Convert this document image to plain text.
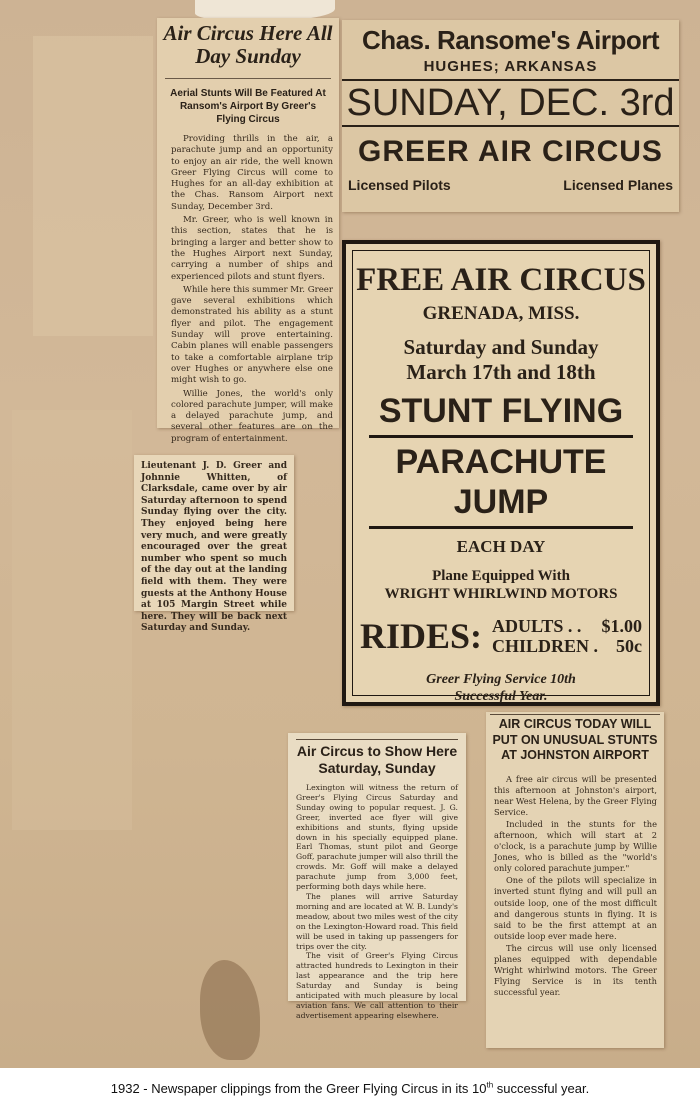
Air Circus Here All Day Sunday
Aerial Stunts Will Be Featured At Ransom's Airport By Greer's Flying Circus

Providing thrills in the air, a parachute jump and an opportunity to enjoy an air ride, the well known Greer Flying Circus will come to Hughes for an all-day exhibition at the Chas. Ransom Airport next Sunday, December 3rd.

Mr. Greer, who is well known in this section, states that he is bringing a larger and better show to the Hughes Airport next Sunday, carrying a number of ships and experienced pilots and stunt flyers.

While here this summer Mr. Greer gave several exhibitions which demonstrated his ability as a stunt flyer and pilot. The engagement Sunday will prove entertaining. Cabin planes will enable passengers to take a comfortable airplane trip over Hughes or anywhere else one might wish to go.

Willie Jones, the world's only colored parachute jumper, will make a delayed parachute jump, and several other features are on the program of entertainment.

Chas. Ransome's Airport
HUGHES; ARKANSAS
SUNDAY, DEC. 3rd
GREER AIR CIRCUS
Licensed Pilots	Licensed Planes
FREE AIR CIRCUS
GRENADA, MISS.
Saturday and Sunday
March 17th and 18th
STUNT FLYING
PARACHUTE JUMP
EACH DAY
Plane Equipped With
WRIGHT WHIRLWIND MOTORS
RIDES: ADULTS . . $1.00
CHILDREN . 50c
Greer Flying Service 10th
Successful Year.
Lieutenant J. D. Greer and Johnnie Whitten, of Clarksdale, came over by air Saturday afternoon to spend Sunday flying over the city. They enjoyed being here very much, and were greatly encouraged over the great number who spent so much of the day out at the landing field with them. They were guests at the Anthony House at 105 Margin Street while here. They will be back next Saturday and Sunday.
Air Circus to Show Here Saturday, Sunday

Lexington will witness the return of Greer's Flying Circus Saturday and Sunday owing to popular request. J. G. Greer, inverted ace flyer will give exhibitions and stunts, flying upside down in his specially equipped plane. Earl Thomas, stunt pilot and George Goff, parachute jumper will also thrill the crowds. Mr. Goff will make a delayed parachute jump from 3,000 feet, performing both days while here.

The planes will arrive Saturday morning and are located at W. B. Lundy's meadow, about two miles west of the city on the Lexington-Howard road. This field will be used in taking up passengers for trips over the city.

The visit of Greer's Flying Circus attracted hundreds to Lexington in their last appearance and the trip here Saturday and Sunday is being anticipated with much pleasure by local aviation fans. We call attention to their advertisement appearing elsewhere.

AIR CIRCUS TODAY WILL PUT ON UNUSUAL STUNTS AT JOHNSTON AIRPORT

A free air circus will be presented this afternoon at Johnston's airport, near West Helena, by the Greer Flying Service.

Included in the stunts for the afternoon, which will start at 2 o'clock, is a parachute jump by Willie Jones, who is billed as the "world's only colored parachute jumper."

One of the pilots will specialize in inverted stunt flying and will pull an outside loop, one of the most difficult and dangerous stunts in flying. It is said to be the first attempt at an outside loop ever made here.

The circus will use only licensed planes equipped with dependable Wright whirlwind motors. The Greer Flying Service is in its tenth successful year.

1932 - Newspaper clippings from the Greer Flying Circus in its 10th successful year.
